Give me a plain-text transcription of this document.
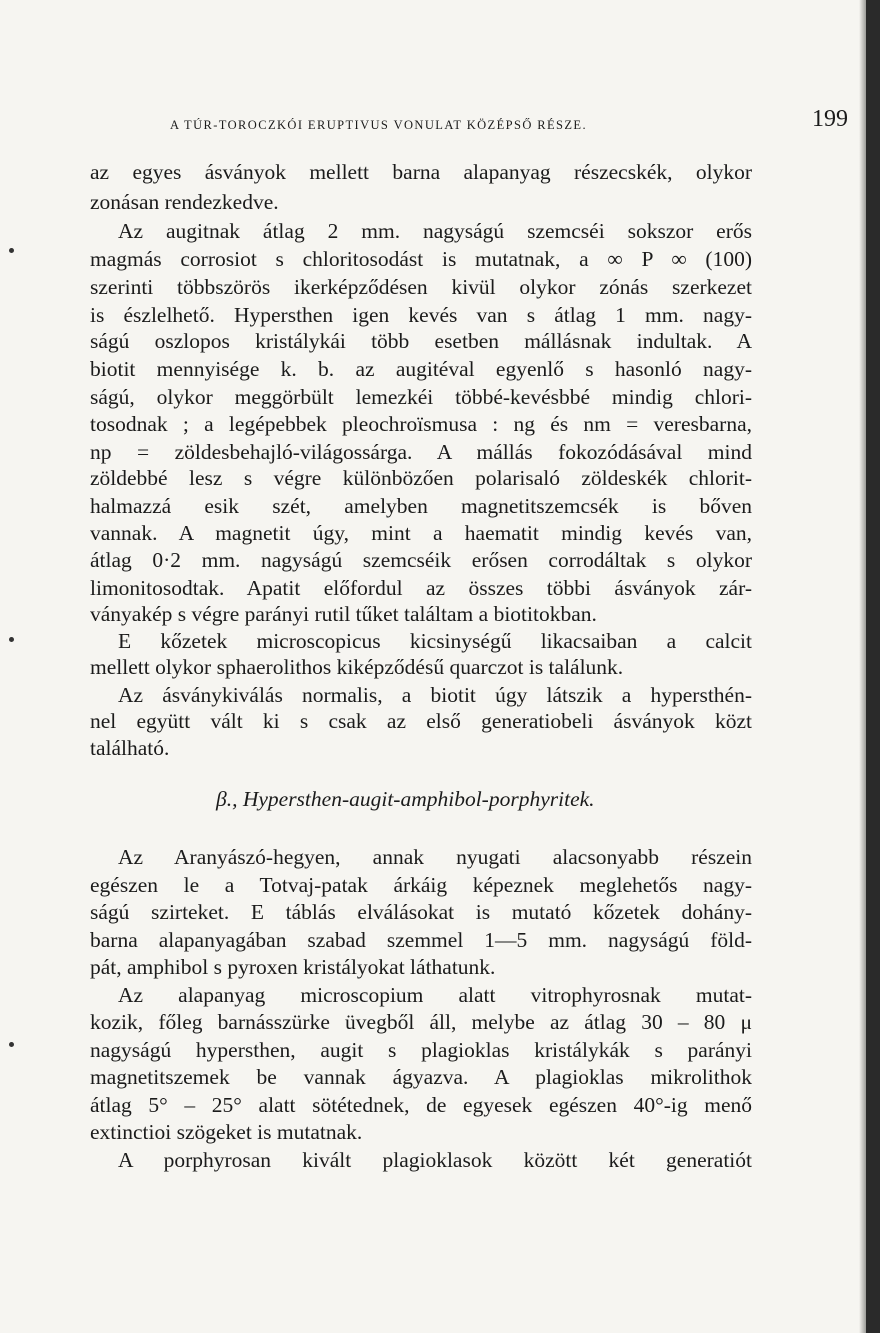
A TÚR-TOROCZKÓI ERUPTIVUS VONULAT KÖZÉPSŐ RÉSZE.	199
az egyes ásványok mellett barna alapanyag részecskék, olykor
zonásan rendezkedve.
Az augitnak átlag 2 mm. nagyságú szemcséi sokszor erős
magmás corrosiot s chloritosodást is mutatnak, a ∞ P ∞ (100)
szerinti többszörös ikerképződésen kivül olykor zónás szerkezet
is észlelhető. Hypersthen igen kevés van s átlag 1 mm. nagy-
ságú oszlopos kristálykái több esetben mállásnak indultak. A
biotit mennyisége k. b. az augitéval egyenlő s hasonló nagy-
ságú, olykor meggörbült lemezkéi többé-kevésbbé mindig chlori-
tosodnak ; a legépebbek pleochroïsmusa : ng és nm = veresbarna,
np = zöldesbehajló-világossárga. A mállás fokozódásával mind
zöldebbé lesz s végre különbözően polarisaló zöldeskék chlorit-
halmazzá esik szét, amelyben magnetitszemcsék is bőven
vannak. A magnetit úgy, mint a haematit mindig kevés van,
átlag 0·2 mm. nagyságú szemcséik erősen corrodáltak s olykor
limonitosodtak. Apatit előfordul az összes többi ásványok zár-
ványakép s végre parányi rutil tűket találtam a biotitokban.
E kőzetek microscopicus kicsinységű likacsaiban a calcit
mellett olykor sphaerolithos kiképződésű quarczot is találunk.
Az ásványkiválás normalis, a biotit úgy látszik a hypersthén-
nel együtt vált ki s csak az első generatiobeli ásványok közt
található.
β., Hypersthen-augit-amphibol-porphyritek.
Az Aranyászó-hegyen, annak nyugati alacsonyabb részein
egészen le a Totvaj-patak árkáig képeznek meglehetős nagy-
ságú szirteket. E táblás elválásokat is mutató kőzetek dohány-
barna alapanyagában szabad szemmel 1—5 mm. nagyságú föld-
pát, amphibol s pyroxen kristályokat láthatunk.
Az alapanyag microscopium alatt vitrophyrosnak mutat-
kozik, főleg barnásszürke üvegből áll, melybe az átlag 30 – 80 μ
nagyságú hypersthen, augit s plagioklas kristálykák s parányi
magnetitszemek be vannak ágyazva. A plagioklas mikrolithok
átlag 5° – 25° alatt sötétednek, de egyesek egészen 40°-ig menő
extinctioi szögeket is mutatnak.
A porphyrosan kivált plagioklasok között két generatiót
